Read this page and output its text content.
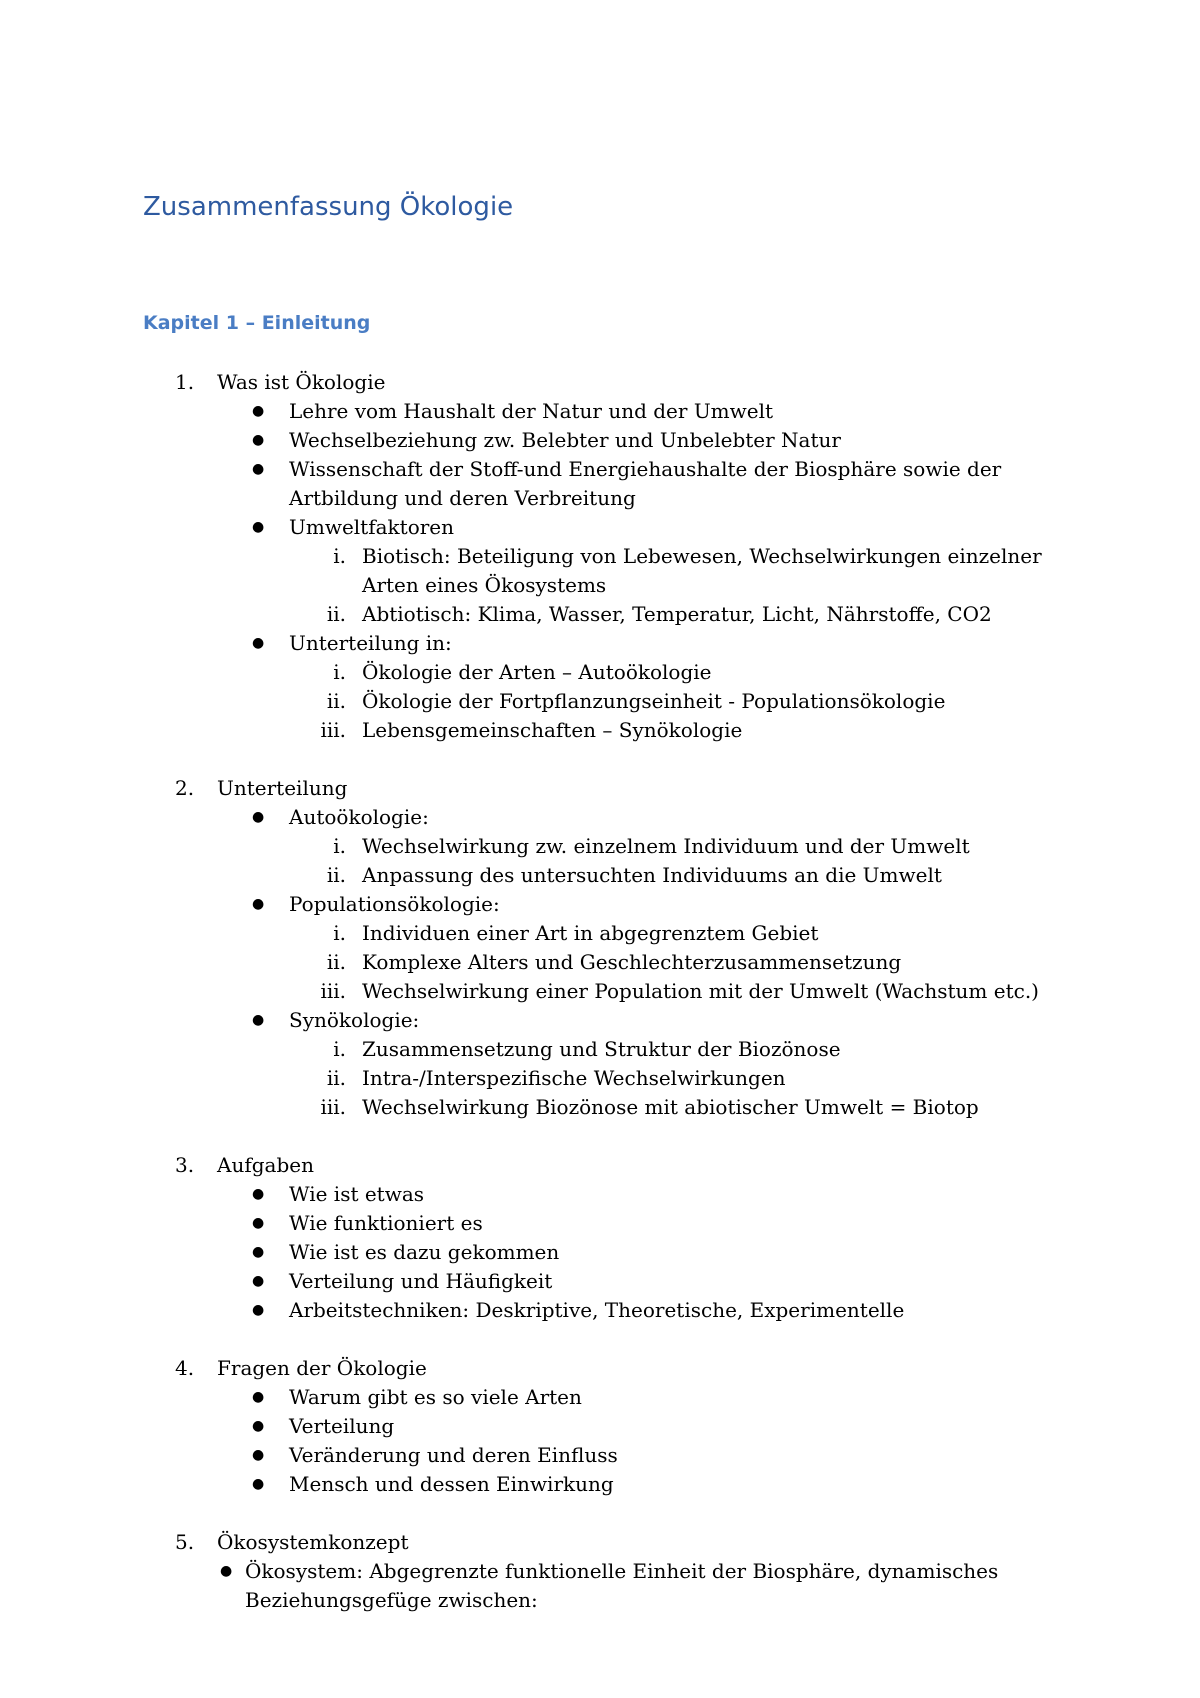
Zusammenfassung Ökologie
Kapitel 1 – Einleitung
1. Was ist Ökologie
● Lehre vom Haushalt der Natur und der Umwelt
● Wechselbeziehung zw. Belebter und Unbelebter Natur
● Wissenschaft der Stoff-und Energiehaushalte der Biosphäre sowie der
Artbildung und deren Verbreitung
● Umweltfaktoren
i. Biotisch: Beteiligung von Lebewesen, Wechselwirkungen einzelner
Arten eines Ökosystems
ii. Abtiotisch: Klima, Wasser, Temperatur, Licht, Nährstoffe, CO2
● Unterteilung in:
i. Ökologie der Arten – Autoökologie
ii. Ökologie der Fortpflanzungseinheit - Populationsökologie
iii. Lebensgemeinschaften – Synökologie
2. Unterteilung
● Autoökologie:
i. Wechselwirkung zw. einzelnem Individuum und der Umwelt
ii. Anpassung des untersuchten Individuums an die Umwelt
● Populationsökologie:
i. Individuen einer Art in abgegrenztem Gebiet
ii. Komplexe Alters und Geschlechterzusammensetzung
iii. Wechselwirkung einer Population mit der Umwelt (Wachstum etc.)
● Synökologie:
i. Zusammensetzung und Struktur der Biozönose
ii. Intra-/Interspezifische Wechselwirkungen
iii. Wechselwirkung Biozönose mit abiotischer Umwelt = Biotop
3. Aufgaben
● Wie ist etwas
● Wie funktioniert es
● Wie ist es dazu gekommen
● Verteilung und Häufigkeit
● Arbeitstechniken: Deskriptive, Theoretische, Experimentelle
4. Fragen der Ökologie
● Warum gibt es so viele Arten
● Verteilung
● Veränderung und deren Einfluss
● Mensch und dessen Einwirkung
5. Ökosystemkonzept
● Ökosystem: Abgegrenzte funktionelle Einheit der Biosphäre, dynamisches
Beziehungsgefüge zwischen:
